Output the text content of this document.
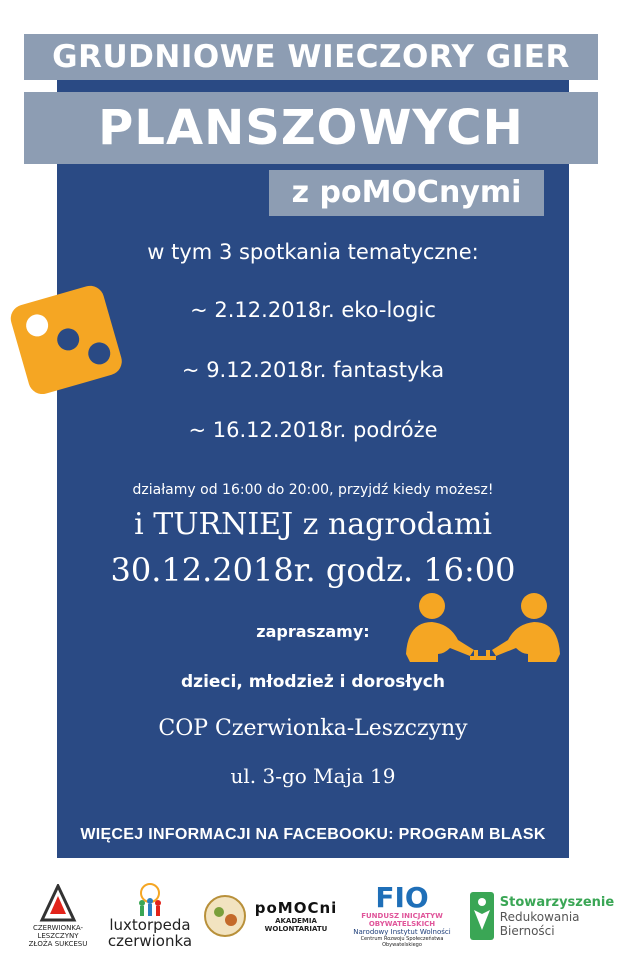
GRUDNIOWE WIECZORY GIER
PLANSZOWYCH
z poMOCnymi
w tym 3 spotkania tematyczne:
~ 2.12.2018r. eko-logic
~ 9.12.2018r. fantastyka
~ 16.12.2018r. podróże
działamy od 16:00 do 20:00, przyjdź kiedy możesz!
i TURNIEJ z nagrodami
30.12.2018r. godz. 16:00
zapraszamy:
dzieci, młodzież i dorosłych
COP Czerwionka-Leszczyny
ul. 3-go Maja 19
WIĘCEJ INFORMACJI NA FACEBOOKU: PROGRAM BLASK
CZERWIONKA-LESZCZYNY
ZŁOŻA SUKCESU
luxtorpeda
czerwionka
poMOCni
AKADEMIA WOLONTARIATU
FIO
FUNDUSZ INICJATYW OBYWATELSKICH
Narodowy Instytut Wolności
Centrum Rozwoju Społeczeństwa Obywatelskiego
Stowarzyszenie
Redukowania
Bierności
